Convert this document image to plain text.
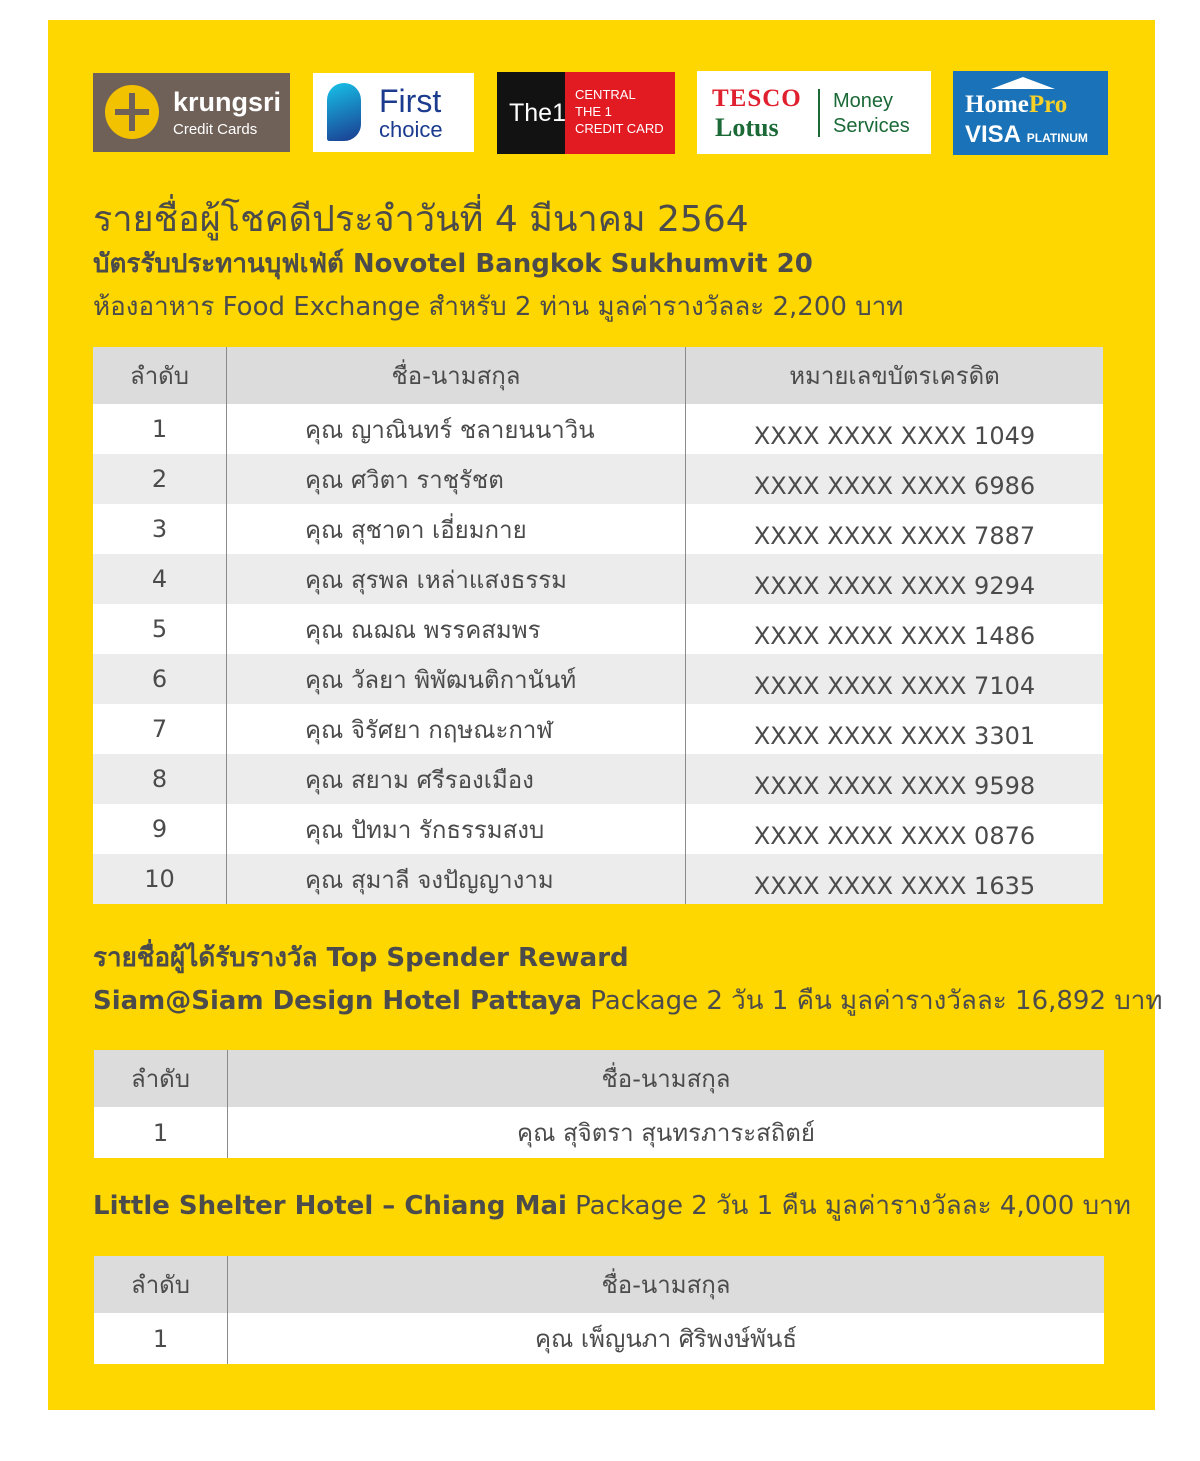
krungsri
Credit Cards
First
choice
The1
CENTRAL
THE 1
CREDIT CARD
TESCO
Lotus
Money
Services
HomePro
VISA PLATINUM
รายชื่อผู้โชคดีประจำวันที่ 4 มีนาคม 2564
บัตรรับประทานบุฟเฟ่ต์ Novotel Bangkok Sukhumvit 20
ห้องอาหาร Food Exchange สำหรับ 2 ท่าน มูลค่ารางวัลละ 2,200 บาท
ลำดับ	ชื่อ-นามสกุล	หมายเลขบัตรเครดิต
1	คุณ ญาณินทร์ ชลายนนาวิน	XXXX XXXX XXXX 1049
2	คุณ ศวิตา ราชุรัชต	XXXX XXXX XXXX 6986
3	คุณ สุชาดา เอี่ยมกาย	XXXX XXXX XXXX 7887
4	คุณ สุรพล เหล่าแสงธรรม	XXXX XXXX XXXX 9294
5	คุณ ณฌณ พรรคสมพร	XXXX XXXX XXXX 1486
6	คุณ วัลยา พิพัฒนติกานันท์	XXXX XXXX XXXX 7104
7	คุณ จิรัศยา กฤษณะกาฬ	XXXX XXXX XXXX 3301
8	คุณ สยาม ศรีรองเมือง	XXXX XXXX XXXX 9598
9	คุณ ปัทมา รักธรรมสงบ	XXXX XXXX XXXX 0876
10	คุณ สุมาลี จงปัญญางาม	XXXX XXXX XXXX 1635
รายชื่อผู้ได้รับรางวัล Top Spender Reward
Siam@Siam Design Hotel Pattaya Package 2 วัน 1 คืน มูลค่ารางวัลละ 16,892 บาท
ลำดับ	ชื่อ-นามสกุล
1	คุณ สุจิตรา สุนทรภาระสถิตย์
Little Shelter Hotel – Chiang Mai Package 2 วัน 1 คืน มูลค่ารางวัลละ 4,000 บาท
ลำดับ	ชื่อ-นามสกุล
1	คุณ เพ็ญนภา ศิริพงษ์พันธ์
